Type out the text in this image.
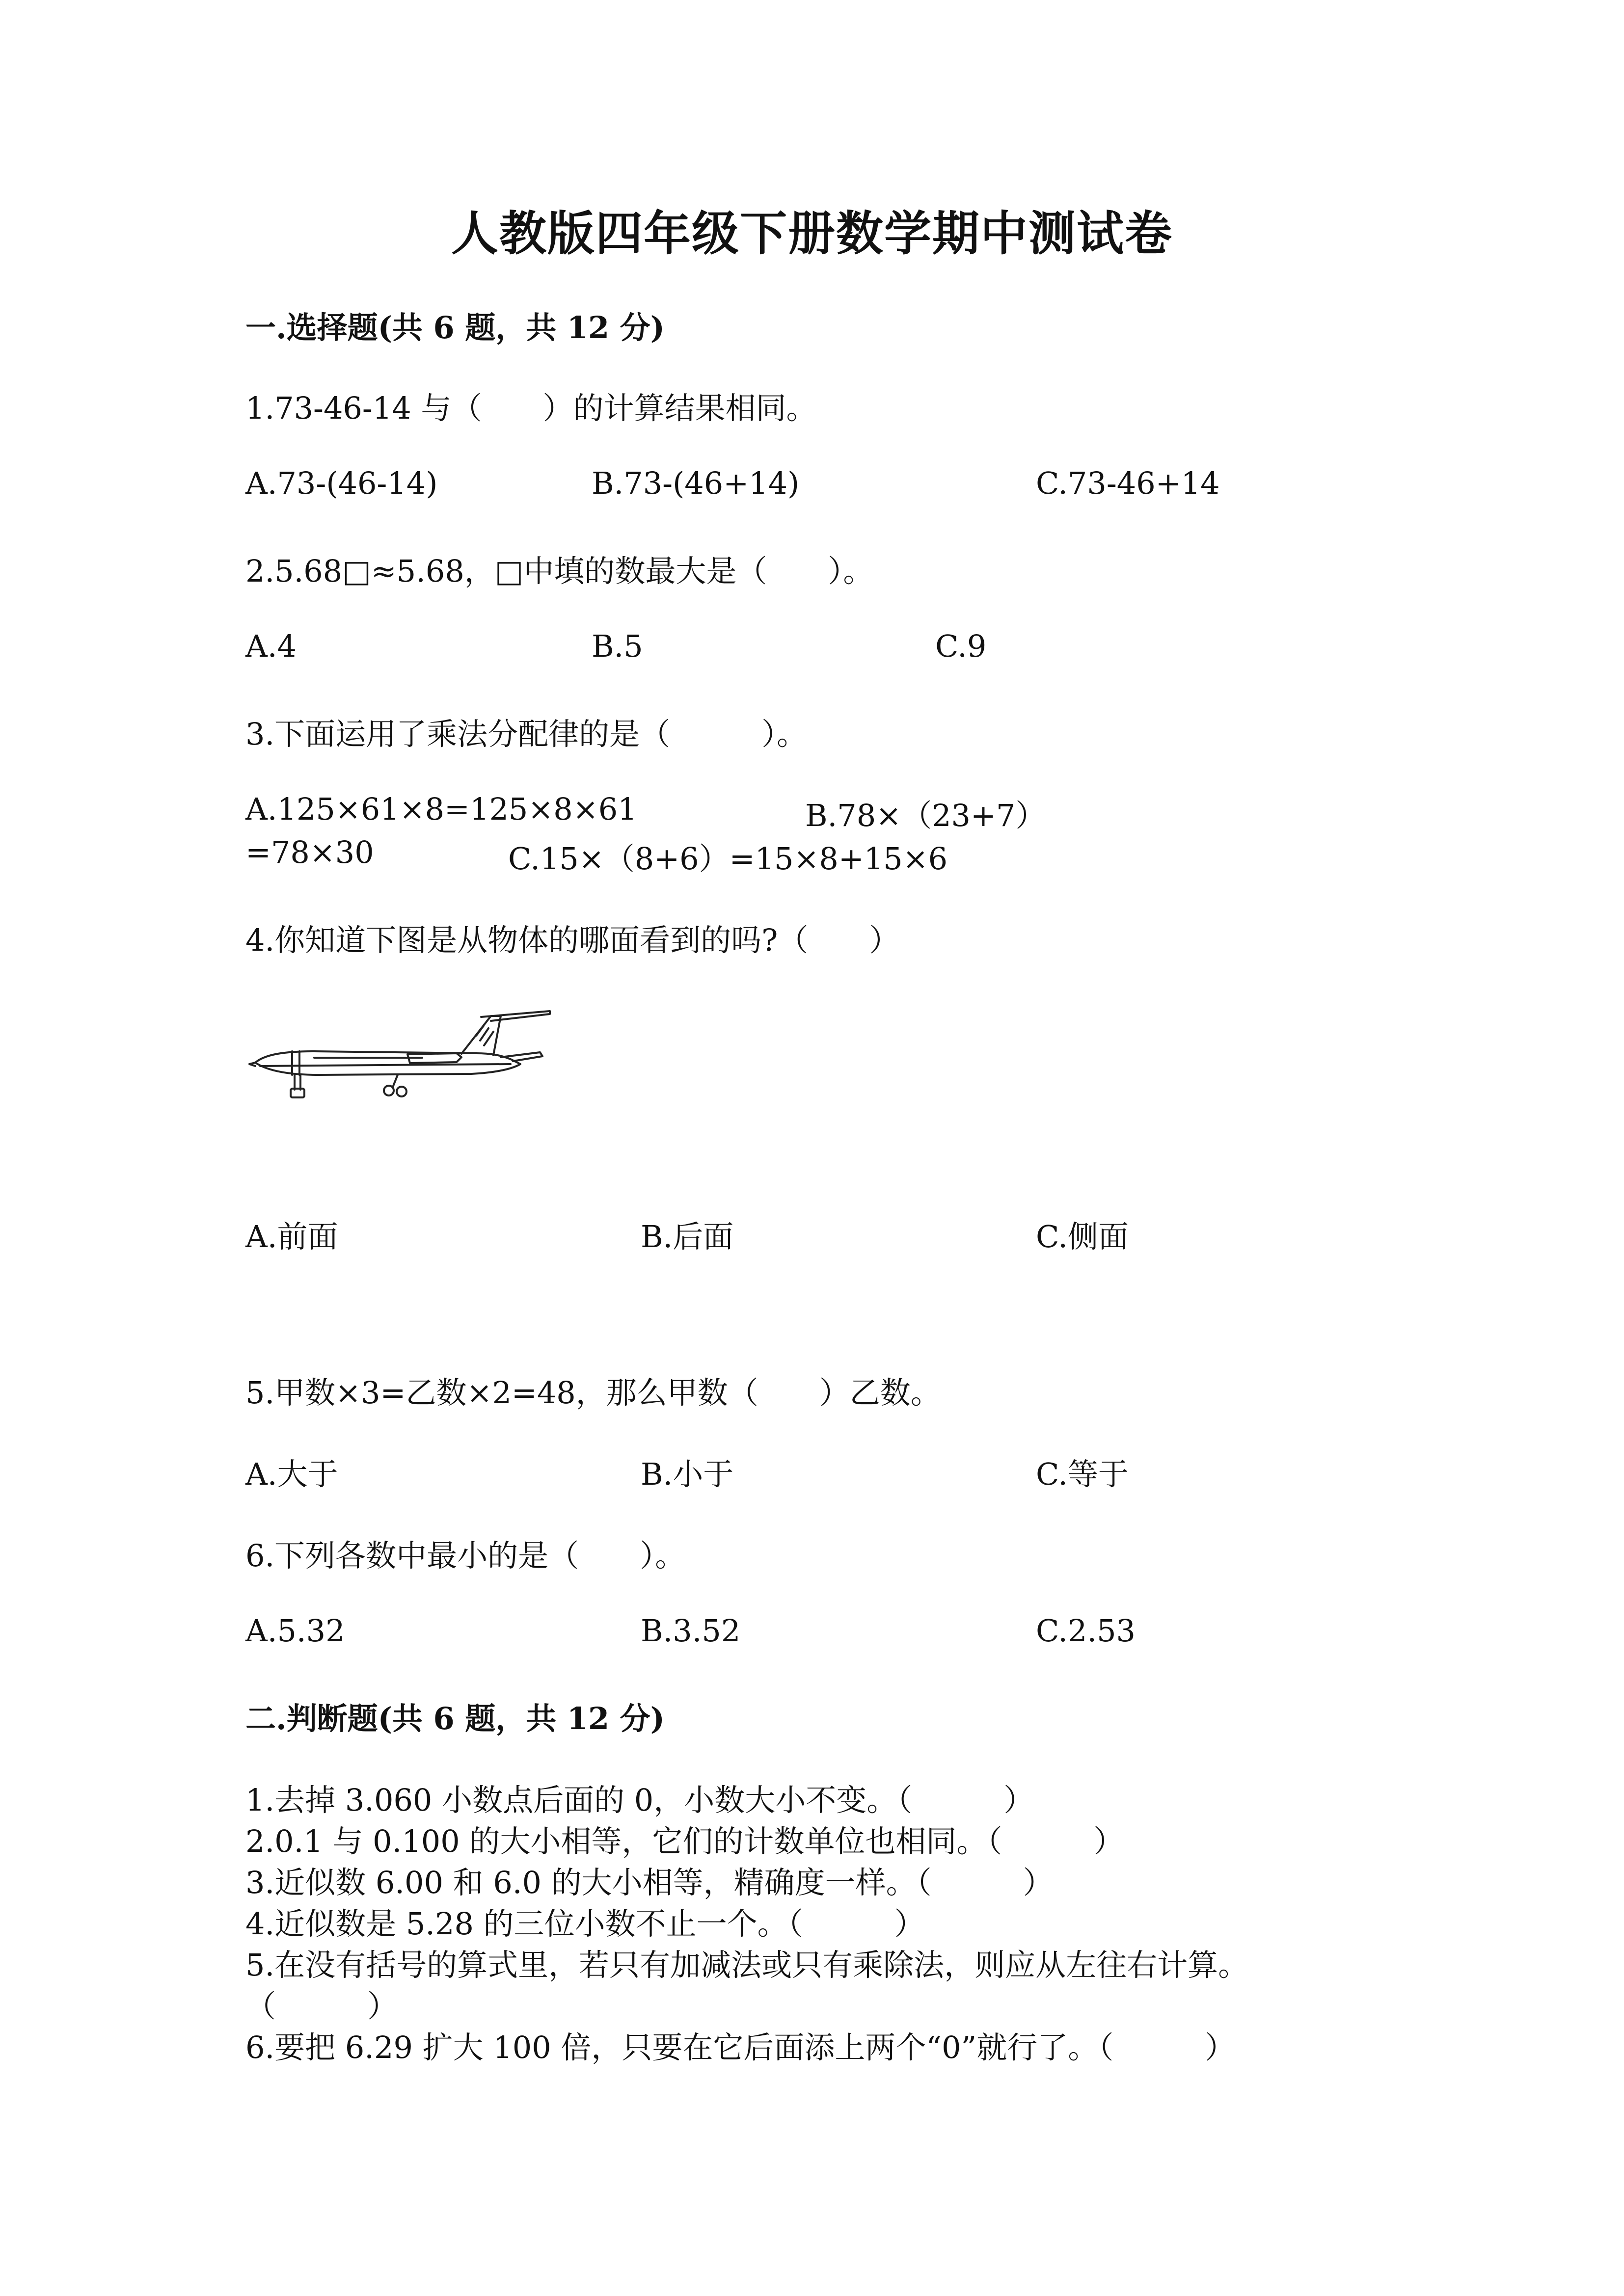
人教版四年级下册数学期中测试卷
一.选择题(共 6 题，共 12 分)
1.73-46-14 与（　　）的计算结果相同。
A.73-(46-14)	B.73-(46+14)	C.73-46+14
2.5.68□≈5.68，□中填的数最大是（　　）。
A.4	B.5	C.9
3.下面运用了乘法分配律的是（　　　）。
A.125×61×8=125×8×61	B.78×（23+7）
=78×30	C.15×（8+6）=15×8+15×6
4.你知道下图是从物体的哪面看到的吗?（　　）
A.前面	B.后面	C.侧面
5.甲数×3=乙数×2=48，那么甲数（　　）乙数。
A.大于	B.小于	C.等于
6.下列各数中最小的是（　　）。
A.5.32	B.3.52	C.2.53
二.判断题(共 6 题，共 12 分)
1.去掉 3.060 小数点后面的 0，小数大小不变。（　　　）
2.0.1 与 0.100 的大小相等，它们的计数单位也相同。（　　　）
3.近似数 6.00 和 6.0 的大小相等，精确度一样。（　　　）
4.近似数是 5.28 的三位小数不止一个。（　　　）
5.在没有括号的算式里，若只有加减法或只有乘除法，则应从左往右计算。
（　　　）
6.要把 6.29 扩大 100 倍，只要在它后面添上两个“0”就行了。（　　　）
